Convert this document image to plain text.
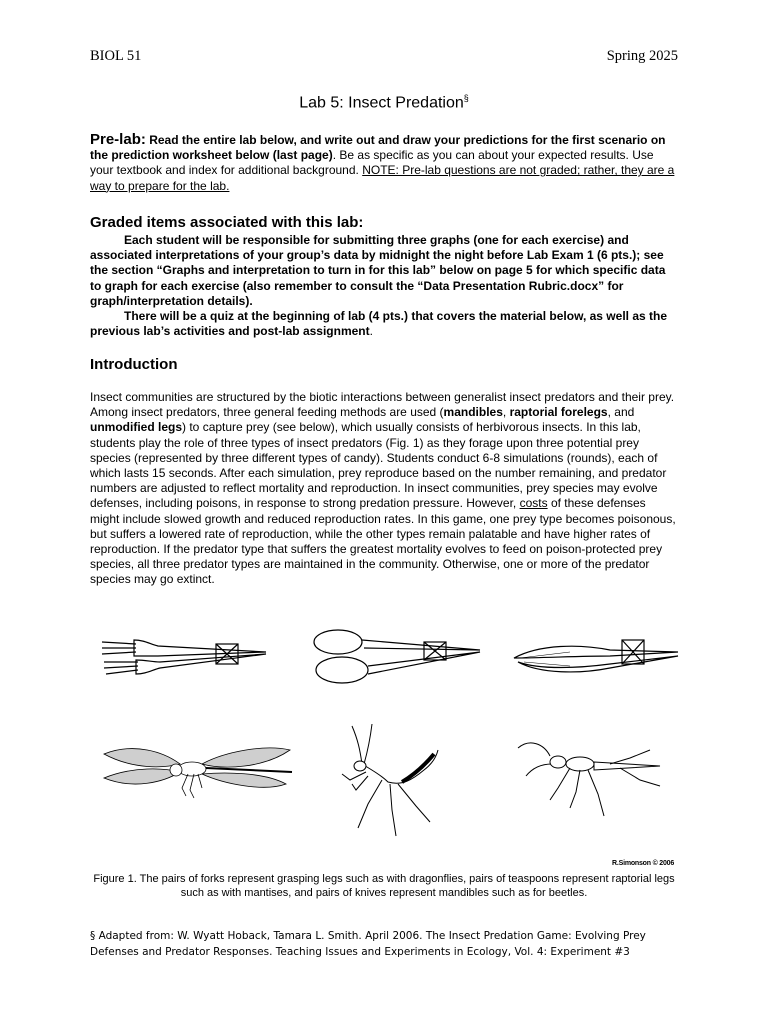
BIOL 51	Spring 2025
Lab 5: Insect Predation§
Pre-lab: Read the entire lab below, and write out and draw your predictions for the first scenario on the prediction worksheet below (last page). Be as specific as you can about your expected results. Use your textbook and index for additional background. NOTE: Pre-lab questions are not graded; rather, they are a way to prepare for the lab.
Graded items associated with this lab:

Each student will be responsible for submitting three graphs (one for each exercise) and associated interpretations of your group’s data by midnight the night before Lab Exam 1 (6 pts.); see the section “Graphs and interpretation to turn in for this lab” below on page 5 for which specific data to graph for each exercise (also remember to consult the “Data Presentation Rubric.docx” for graph/interpretation details).

There will be a quiz at the beginning of lab (4 pts.) that covers the material below, as well as the previous lab’s activities and post-lab assignment.

Introduction

Insect communities are structured by the biotic interactions between generalist insect predators and their prey. Among insect predators, three general feeding methods are used (mandibles, raptorial forelegs, and unmodified legs) to capture prey (see below), which usually consists of herbivorous insects. In this lab, students play the role of three types of insect predators (Fig. 1) as they forage upon three potential prey species (represented by three different types of candy). Students conduct 6-8 simulations (rounds), each of which lasts 15 seconds. After each simulation, prey reproduce based on the number remaining, and predator numbers are adjusted to reflect mortality and reproduction. In insect communities, prey species may evolve defenses, including poisons, in response to strong predation pressure. However, costs of these defenses might include slowed growth and reduced reproduction rates. In this game, one prey type becomes poisonous, but suffers a lowered rate of reproduction, while the other types remain palatable and have higher rates of reproduction. If the predator type that suffers the greatest mortality evolves to feed on poison-protected prey species, all three predator types are maintained in the community. Otherwise, one or more of the predator species may go extinct.

R.Simonson © 2006
Figure 1. The pairs of forks represent grasping legs such as with dragonflies, pairs of teaspoons represent raptorial legs such as with mantises, and pairs of knives represent mandibles such as for beetles.
§ Adapted from: W. Wyatt Hoback, Tamara L. Smith. April 2006. The Insect Predation Game: Evolving Prey Defenses and Predator Responses. Teaching Issues and Experiments in Ecology, Vol. 4: Experiment #3
